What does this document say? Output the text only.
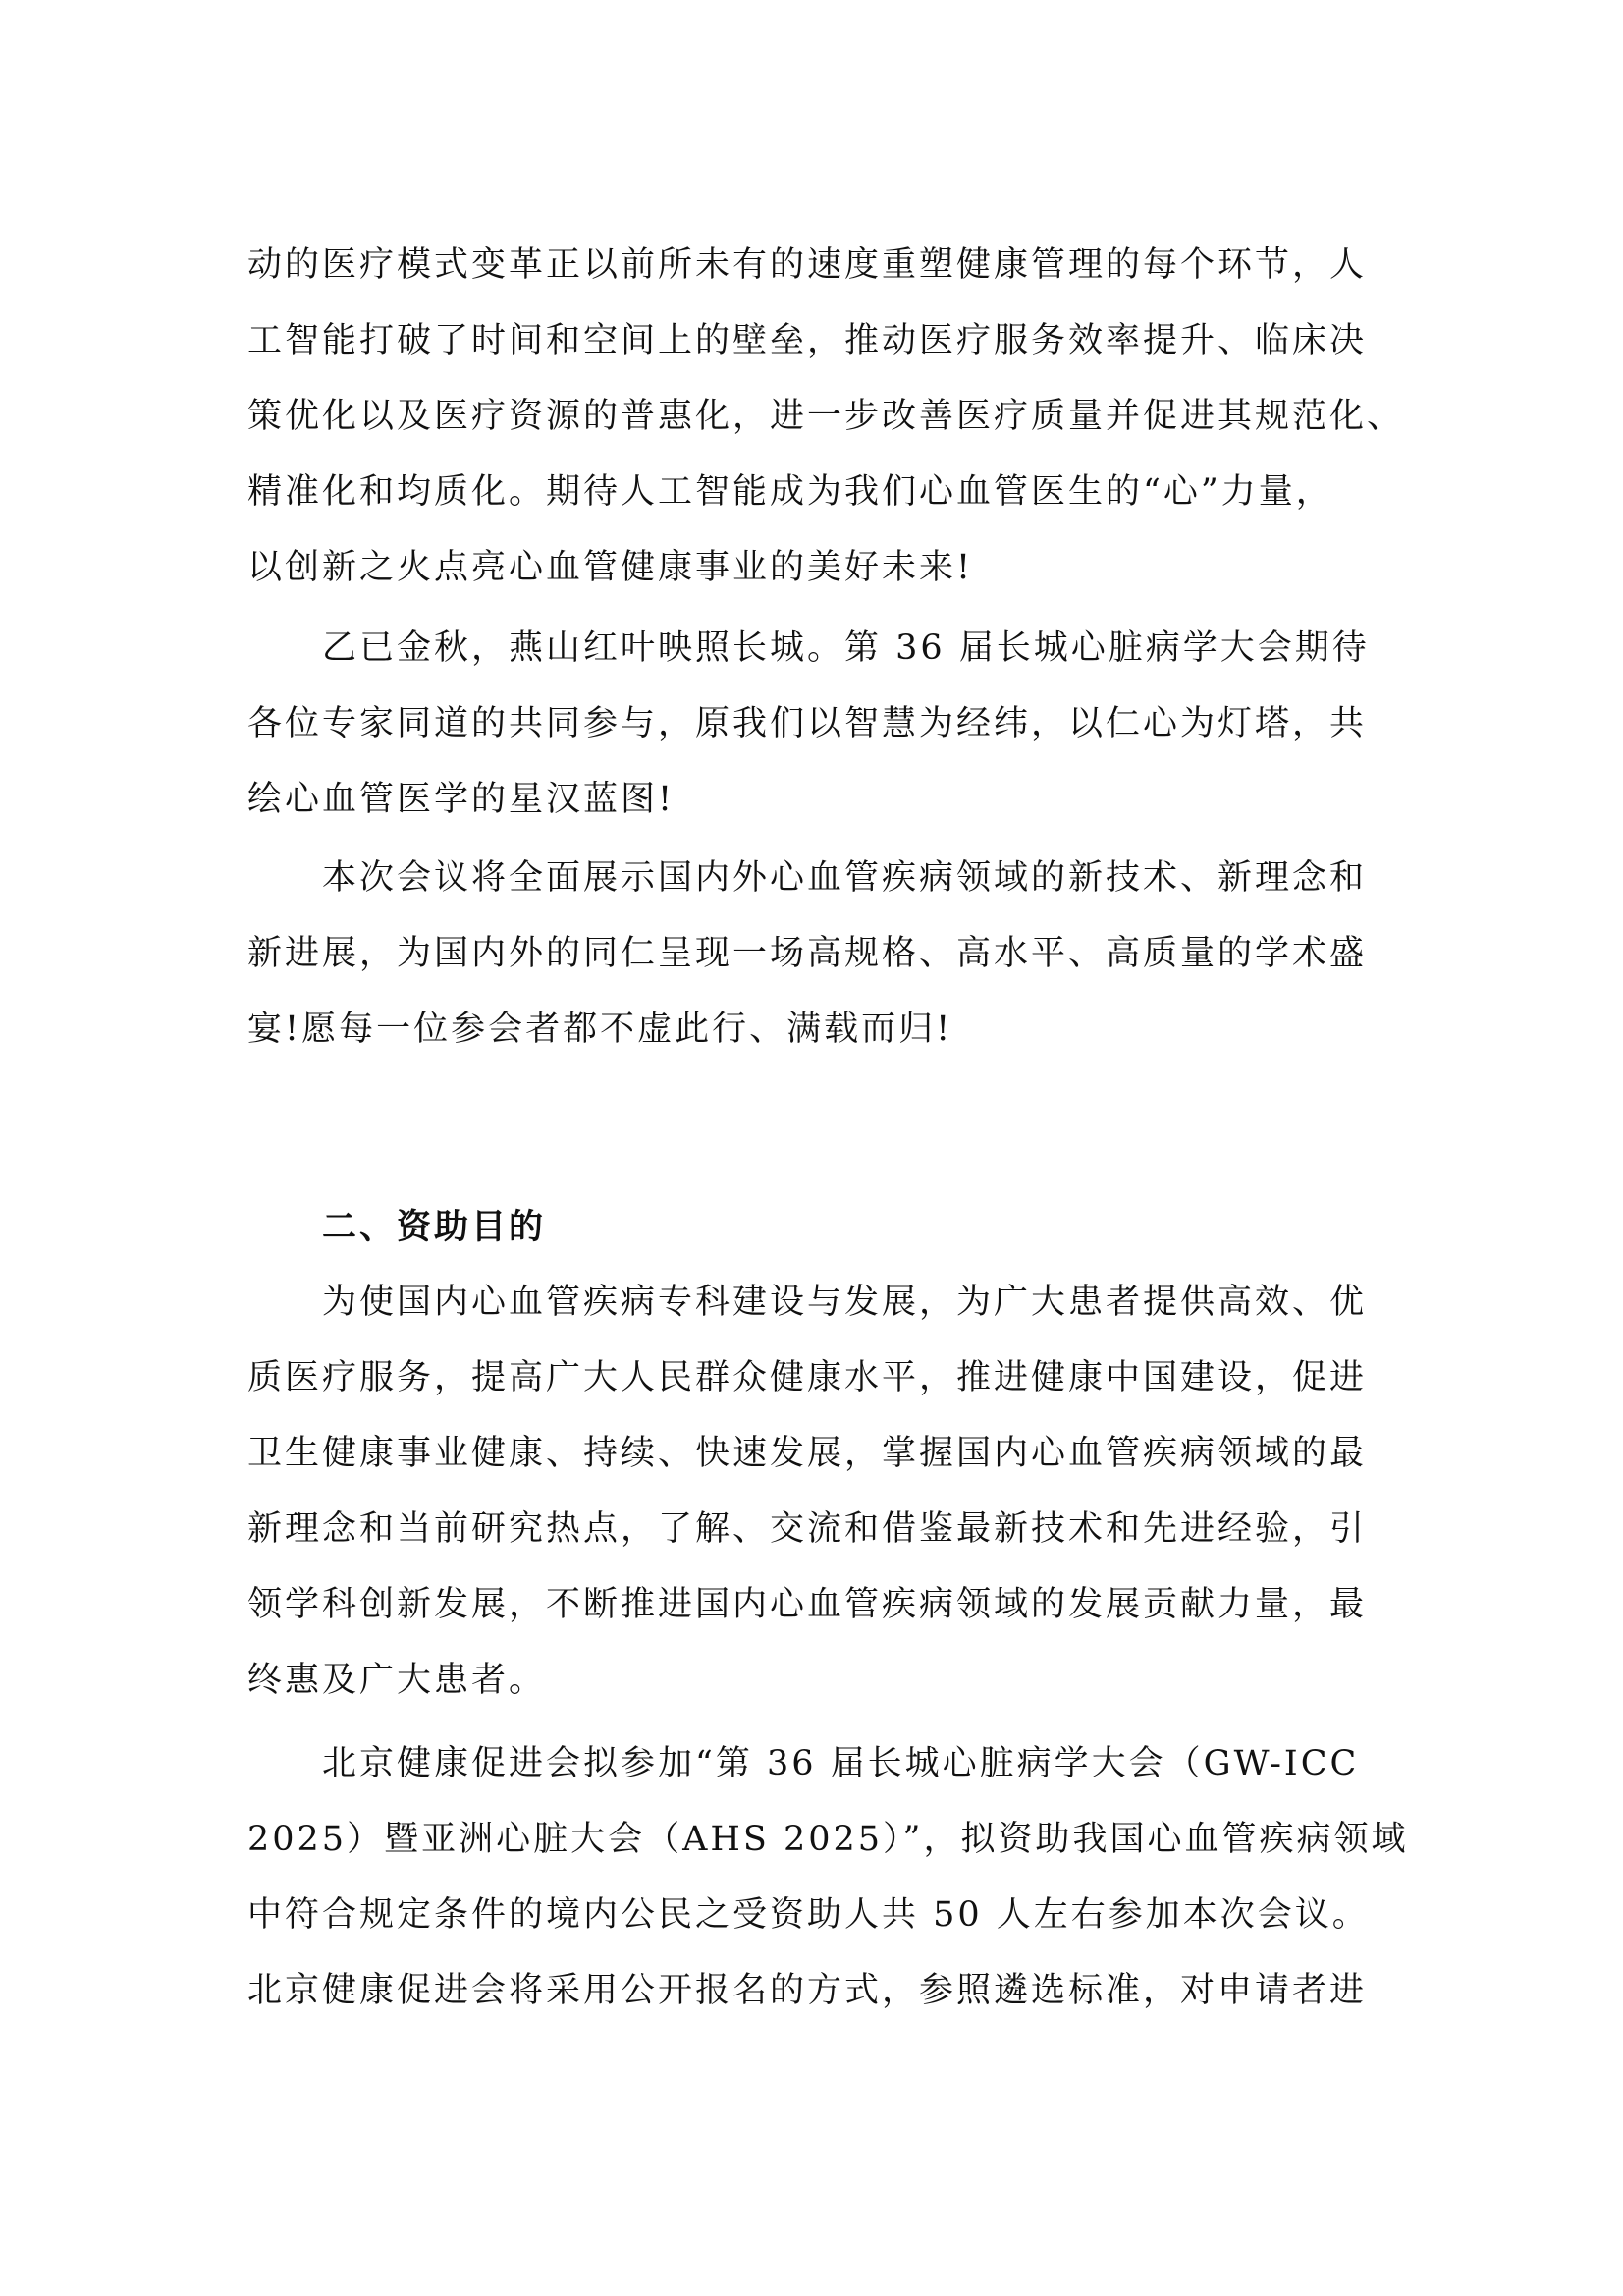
动的医疗模式变革正以前所未有的速度重塑健康管理的每个环节，人
工智能打破了时间和空间上的壁垒，推动医疗服务效率提升、临床决
策优化以及医疗资源的普惠化，进一步改善医疗质量并促进其规范化、
精准化和均质化。期待人工智能成为我们心血管医生的“心”力量，
以创新之火点亮心血管健康事业的美好未来!
乙已金秋，燕山红叶映照长城。第 36 届长城心脏病学大会期待
各位专家同道的共同参与，原我们以智慧为经纬，以仁心为灯塔，共
绘心血管医学的星汉蓝图!
本次会议将全面展示国内外心血管疾病领域的新技术、新理念和
新进展，为国内外的同仁呈现一场高规格、高水平、高质量的学术盛
宴!愿每一位参会者都不虚此行、满载而归!
二、资助目的
为使国内心血管疾病专科建设与发展，为广大患者提供高效、优
质医疗服务，提高广大人民群众健康水平，推进健康中国建设，促进
卫生健康事业健康、持续、快速发展，掌握国内心血管疾病领域的最
新理念和当前研究热点，了解、交流和借鉴最新技术和先进经验，引
领学科创新发展，不断推进国内心血管疾病领域的发展贡献力量，最
终惠及广大患者。
北京健康促进会拟参加“第 36 届长城心脏病学大会（GW-ICC
2025）暨亚洲心脏大会（AHS 2025）”，拟资助我国心血管疾病领域
中符合规定条件的境内公民之受资助人共 50 人左右参加本次会议。
北京健康促进会将采用公开报名的方式，参照遴选标准，对申请者进
